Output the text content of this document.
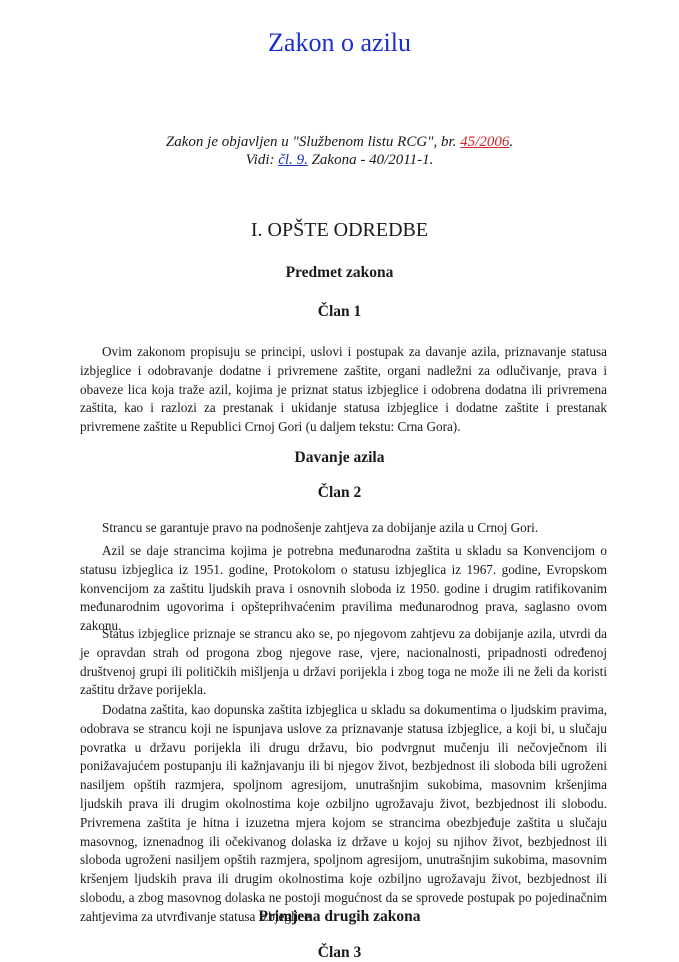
Zakon o azilu
Zakon je objavljen u "Službenom listu RCG", br. 45/2006.
Vidi: čl. 9. Zakona - 40/2011-1.
I. OPŠTE ODREDBE
Predmet zakona
Član 1

Ovim zakonom propisuju se principi, uslovi i postupak za davanje azila, priznavanje statusa izbjeglice i odobravanje dodatne i privremene zaštite, organi nadležni za odlučivanje, prava i obaveze lica koja traže azil, kojima je priznat status izbjeglice i odobrena dodatna ili privremena zaštita, kao i razlozi za prestanak i ukidanje statusa izbjeglice i dodatne zaštite i prestanak privremene zaštite u Republici Crnoj Gori (u daljem tekstu: Crna Gora).

Davanje azila
Član 2

Strancu se garantuje pravo na podnošenje zahtjeva za dobijanje azila u Crnoj Gori.

Azil se daje strancima kojima je potrebna međunarodna zaštita u skladu sa Konvencijom o statusu izbjeglica iz 1951. godine, Protokolom o statusu izbjeglica iz 1967. godine, Evropskom konvencijom za zaštitu ljudskih prava i osnovnih sloboda iz 1950. godine i drugim ratifikovanim međunarodnim ugovorima i opšteprihvaćenim pravilima međunarodnog prava, saglasno ovom zakonu.

Status izbjeglice priznaje se strancu ako se, po njegovom zahtjevu za dobijanje azila, utvrdi da je opravdan strah od progona zbog njegove rase, vjere, nacionalnosti, pripadnosti određenoj društvenoj grupi ili političkih mišljenja u državi porijekla i zbog toga ne može ili ne želi da koristi zaštitu države porijekla.

Dodatna zaštita, kao dopunska zaštita izbjeglica u skladu sa dokumentima o ljudskim pravima, odobrava se strancu koji ne ispunjava uslove za priznavanje statusa izbjeglice, a koji bi, u slučaju povratka u državu porijekla ili drugu državu, bio podvrgnut mučenju ili nečovječnom ili ponižavajućem postupanju ili kažnjavanju ili bi njegov život, bezbjednost ili sloboda bili ugroženi nasiljem opštih razmjera, spoljnom agresijom, unutrašnjim sukobima, masovnim kršenjima ljudskih prava ili drugim okolnostima koje ozbiljno ugrožavaju život, bezbjednost ili slobodu. Privremena zaštita je hitna i izuzetna mjera kojom se strancima obezbjeđuje zaštita u slučaju masovnog, iznenadnog ili očekivanog dolaska iz države u kojoj su njihov život, bezbjednost ili sloboda ugroženi nasiljem opštih razmjera, spoljnom agresijom, unutrašnjim sukobima, masovnim kršenjem ljudskih prava ili drugim okolnostima koje ozbiljno ugrožavaju život, bezbjednost ili slobodu, a zbog masovnog dolaska ne postoji mogućnost da se sprovede postupak po pojedinačnim zahtjevima za utvrđivanje statusa izbjeglice.

Primjena drugih zakona
Član 3
